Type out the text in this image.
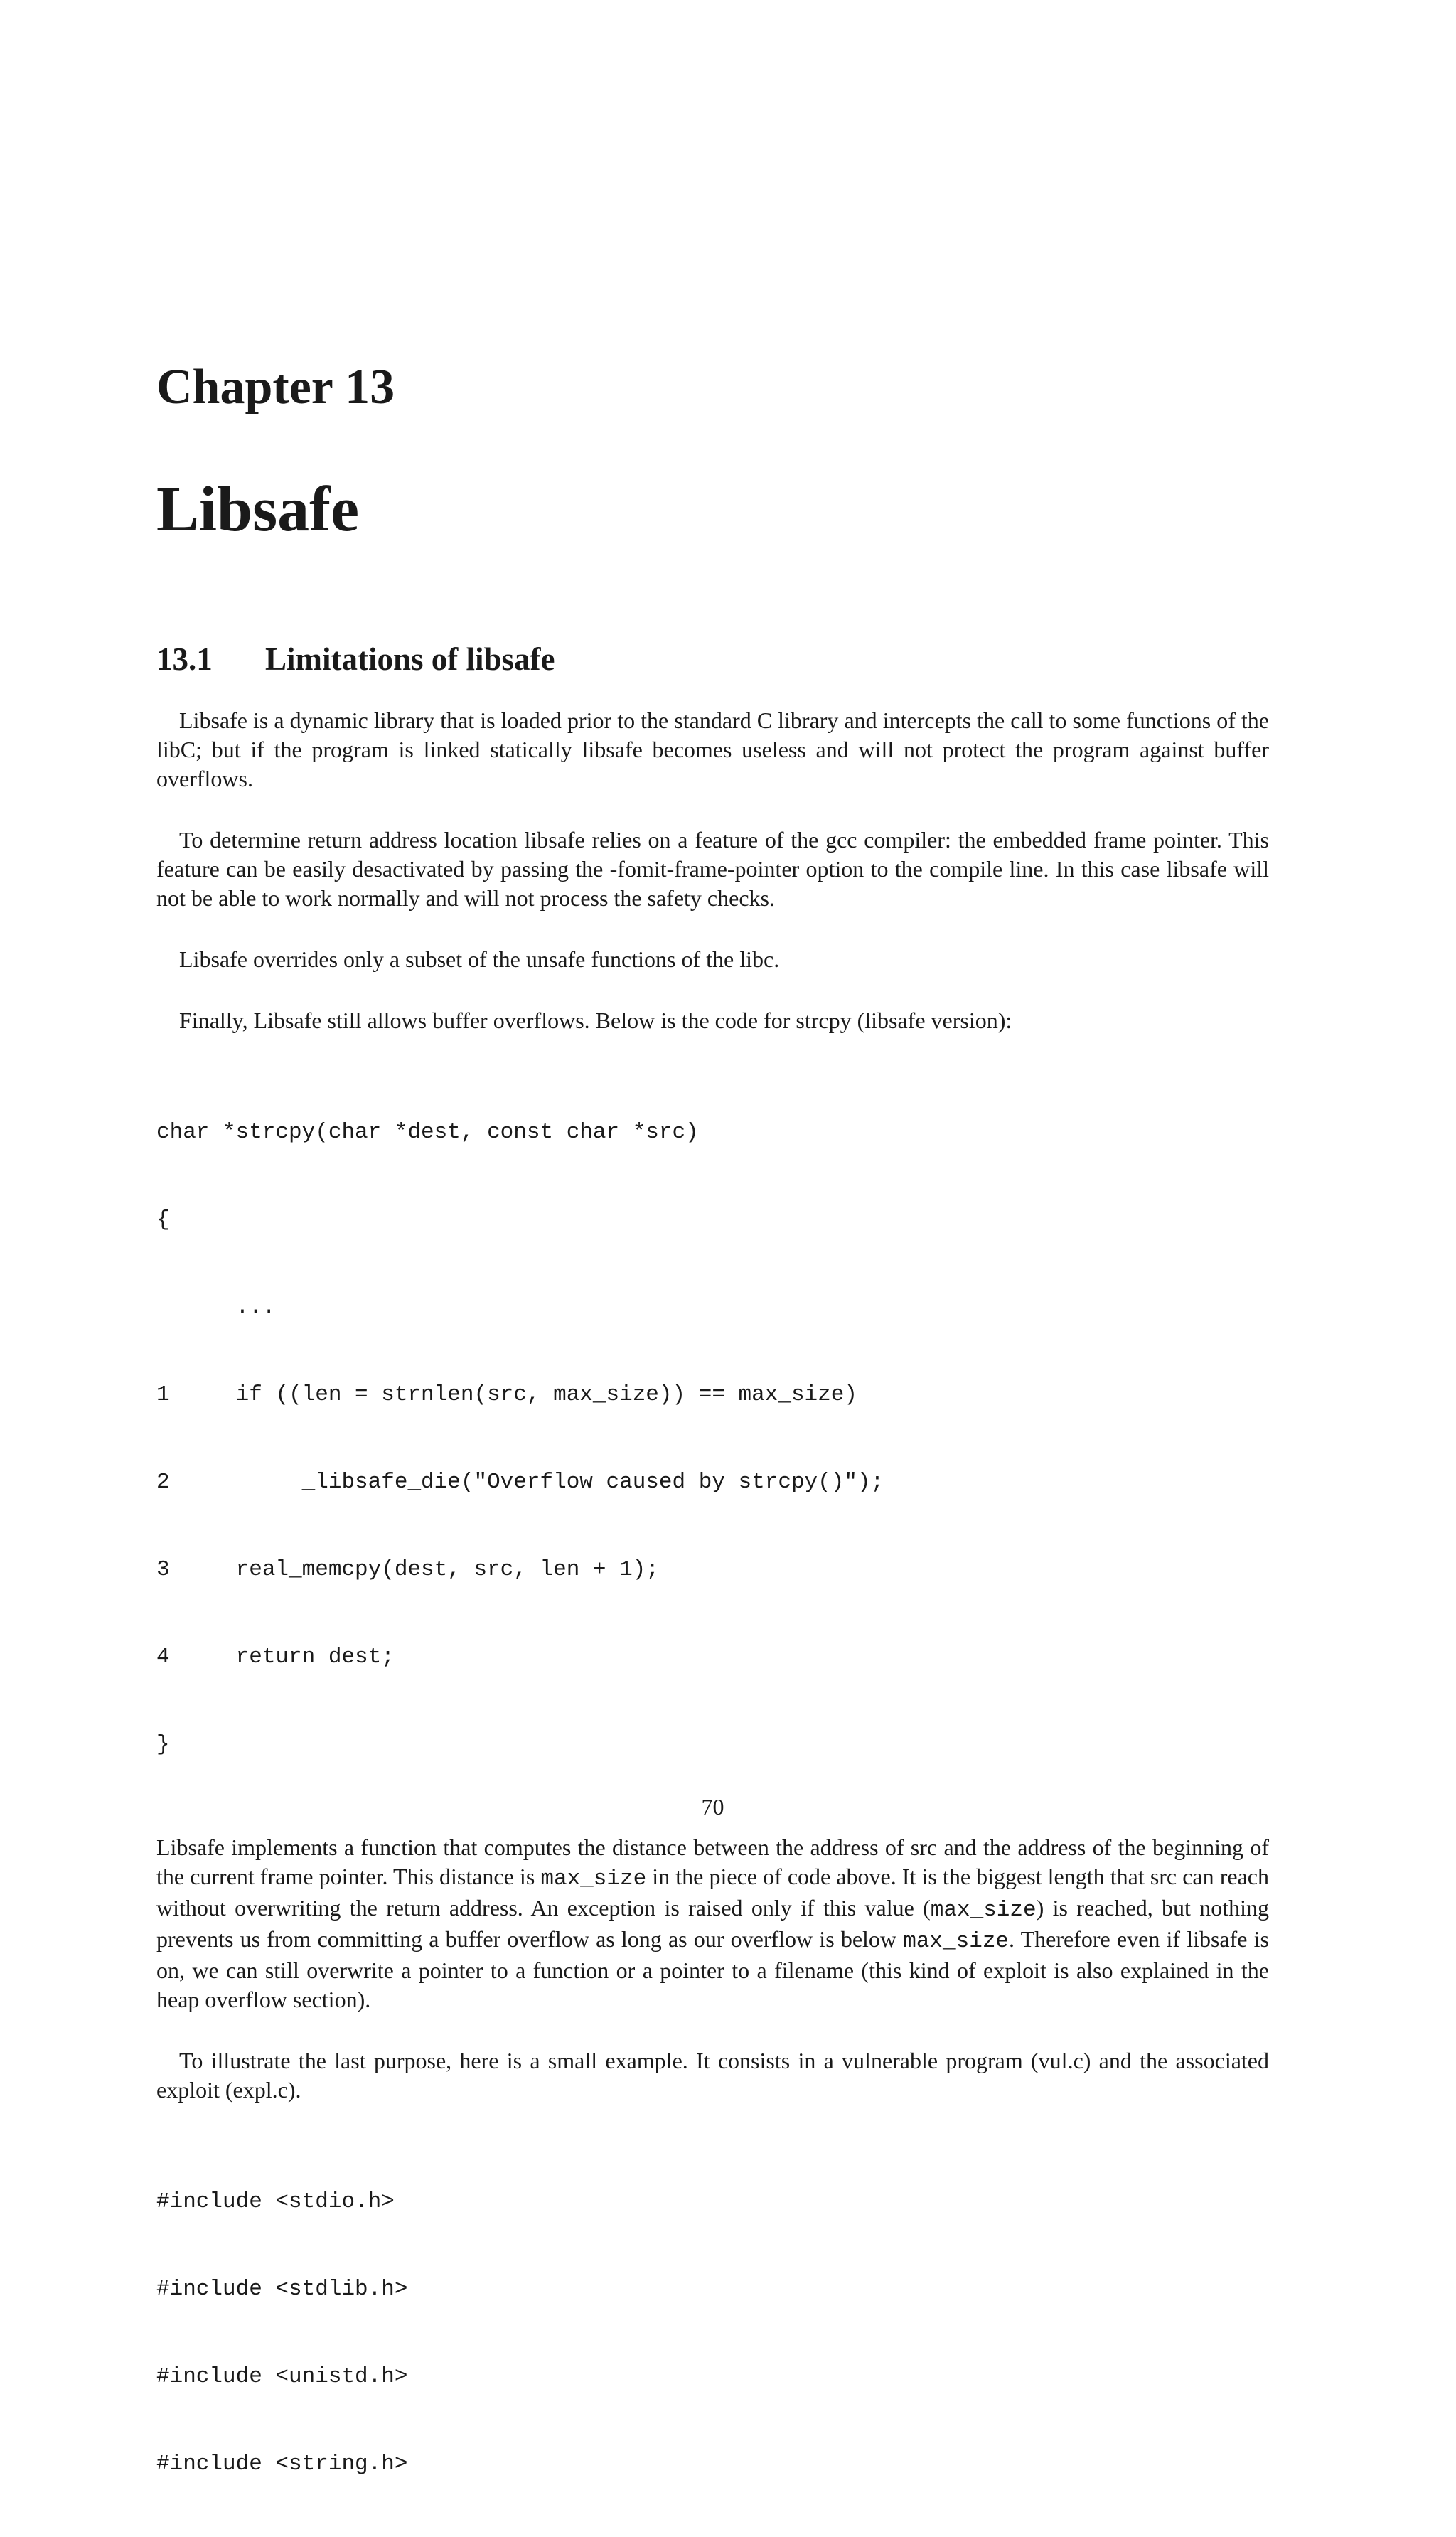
Chapter 13
Libsafe
13.1 Limitations of libsafe

Libsafe is a dynamic library that is loaded prior to the standard C library and intercepts the call to some functions of the libC; but if the program is linked statically libsafe becomes useless and will not protect the program against buffer overflows.

To determine return address location libsafe relies on a feature of the gcc compiler: the embedded frame pointer. This feature can be easily desactivated by passing the -fomit-frame-pointer option to the compile line. In this case libsafe will not be able to work normally and will not process the safety checks.

Libsafe overrides only a subset of the unsafe functions of the libc.

Finally, Libsafe still allows buffer overflows. Below is the code for strcpy (libsafe version):

char *strcpy(char *dest, const char *src)

{

...

1     if ((len = strnlen(src, max_size)) == max_size)

2          _libsafe_die("Overflow caused by strcpy()");

3     real_memcpy(dest, src, len + 1);

4     return dest;

}

Libsafe implements a function that computes the distance between the address of src and the address of the beginning of the current frame pointer. This distance is max_size in the piece of code above. It is the biggest length that src can reach without overwriting the return address. An exception is raised only if this value (max_size) is reached, but nothing prevents us from committing a buffer overflow as long as our overflow is below max_size. Therefore even if libsafe is on, we can still overwrite a pointer to a function or a pointer to a filename (this kind of exploit is also explained in the heap overflow section).

To illustrate the last purpose, here is a small example. It consists in a vulnerable program (vul.c) and the associated exploit (expl.c).

#include <stdio.h>

#include <stdlib.h>

#include <unistd.h>

#include <string.h>

70
